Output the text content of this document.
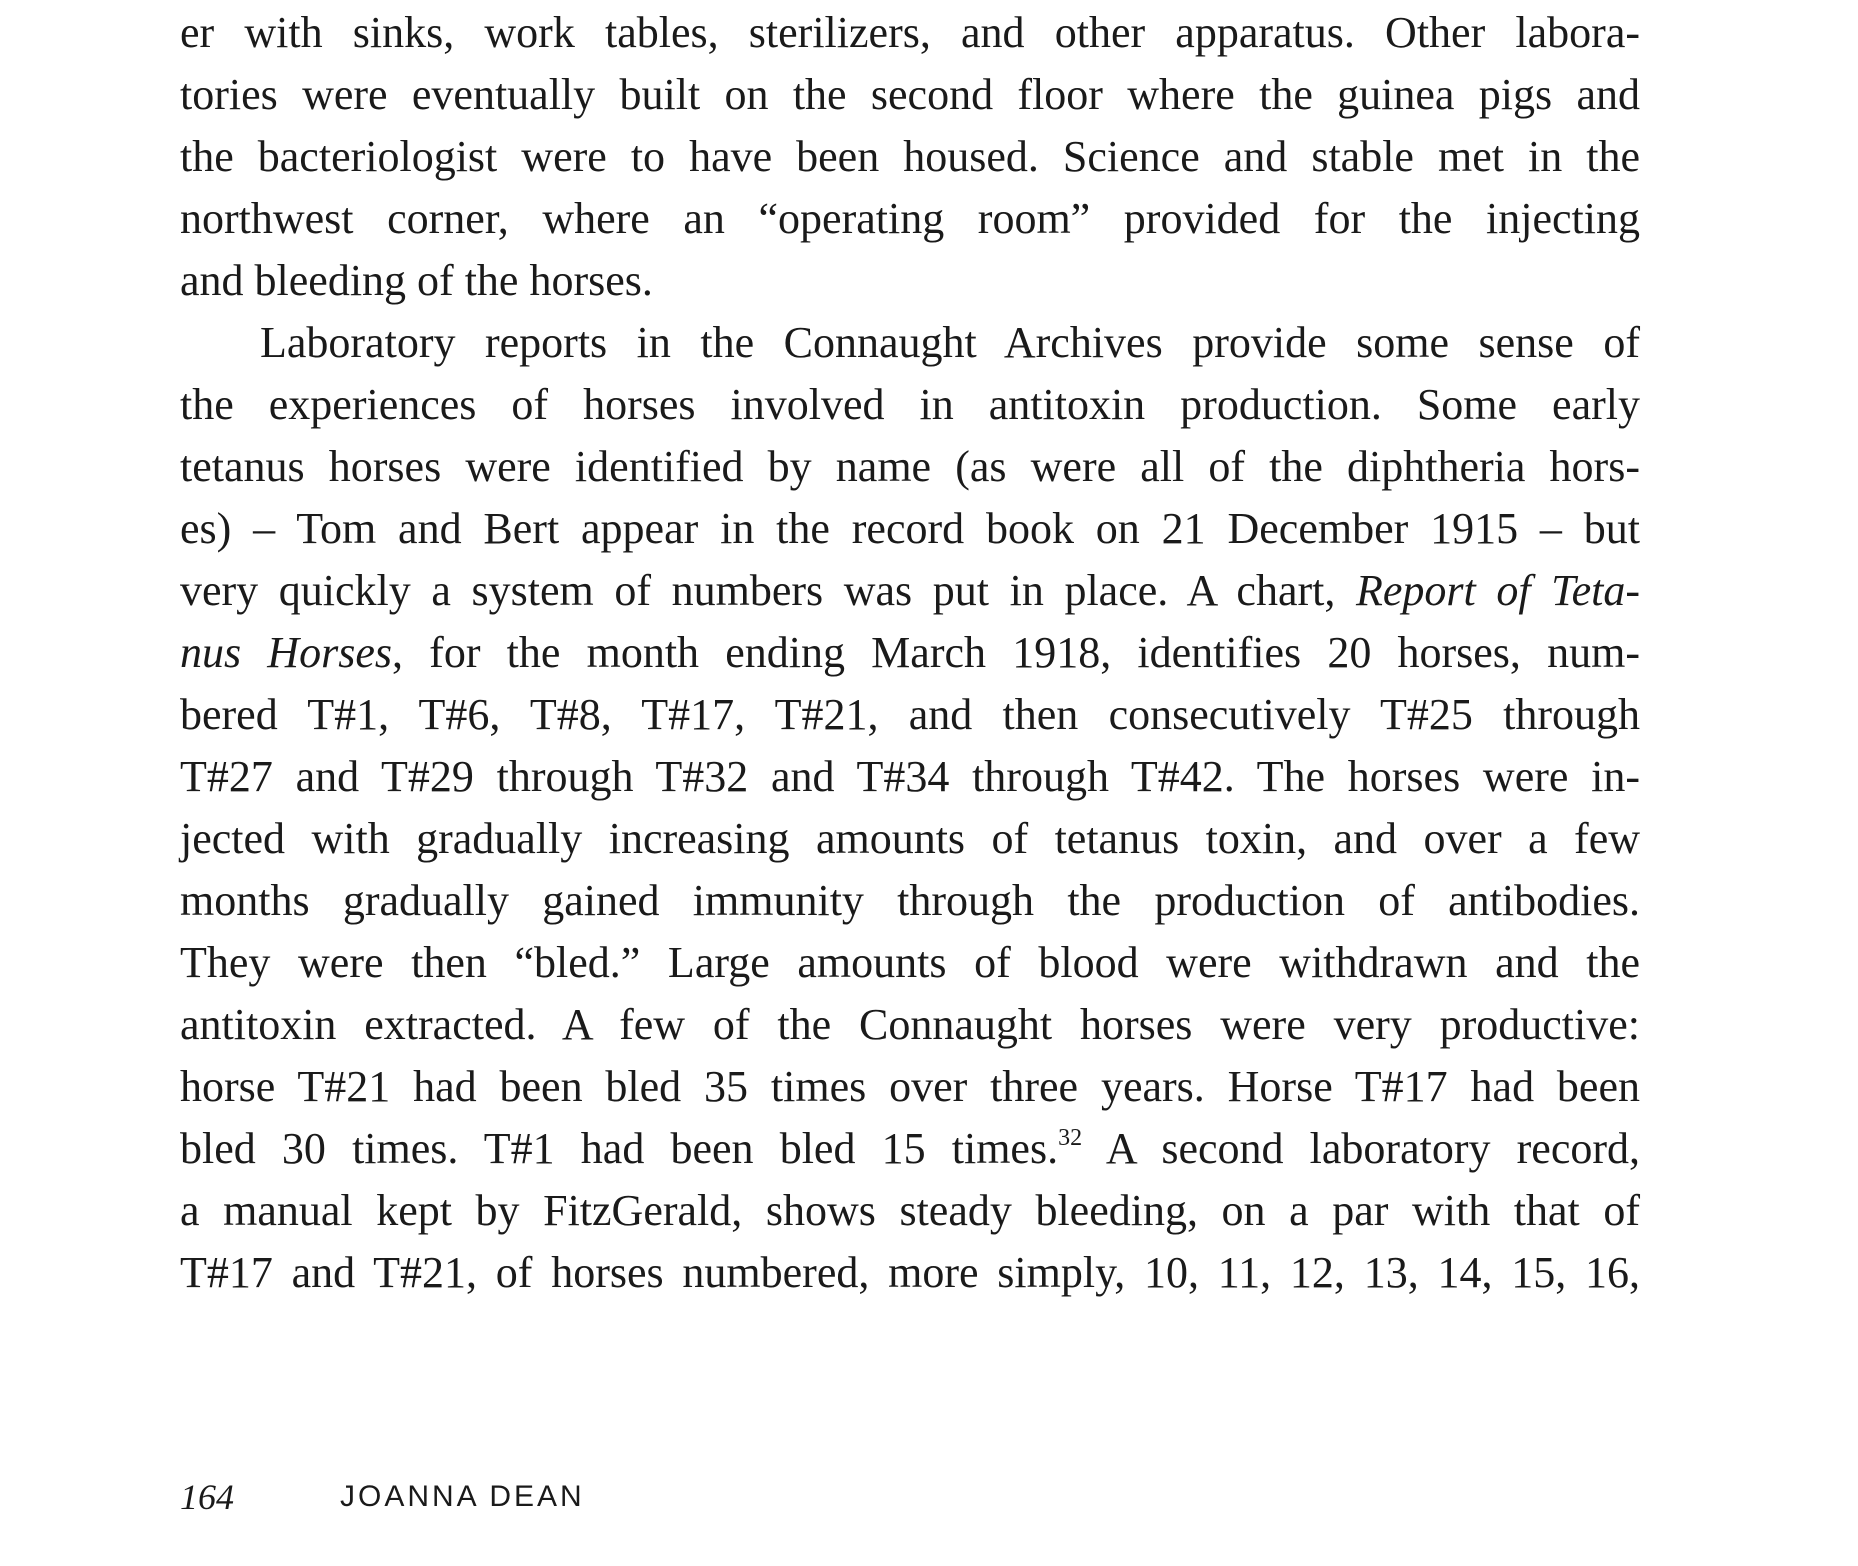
er with sinks, work tables, sterilizers, and other apparatus. Other labora-
tories were eventually built on the second floor where the guinea pigs and
the bacteriologist were to have been housed. Science and stable met in the
northwest corner, where an “operating room” provided for the injecting
and bleeding of the horses.
Laboratory reports in the Connaught Archives provide some sense of
the experiences of horses involved in antitoxin production. Some early
tetanus horses were identified by name (as were all of the diphtheria hors-
es) – Tom and Bert appear in the record book on 21 December 1915 – but
very quickly a system of numbers was put in place. A chart, Report of Teta-
nus Horses, for the month ending March 1918, identifies 20 horses, num-
bered T#1, T#6, T#8, T#17, T#21, and then consecutively T#25 through
T#27 and T#29 through T#32 and T#34 through T#42. The horses were in-
jected with gradually increasing amounts of tetanus toxin, and over a few
months gradually gained immunity through the production of antibodies.
They were then “bled.” Large amounts of blood were withdrawn and the
antitoxin extracted. A few of the Connaught horses were very productive:
horse T#21 had been bled 35 times over three years. Horse T#17 had been
bled 30 times. T#1 had been bled 15 times.$^{32}$ A second laboratory record,
a manual kept by FitzGerald, shows steady bleeding, on a par with that of
T#17 and T#21, of horses numbered, more simply, 10, 11, 12, 13, 14, 15, 16,
164	JOANNA DEAN
